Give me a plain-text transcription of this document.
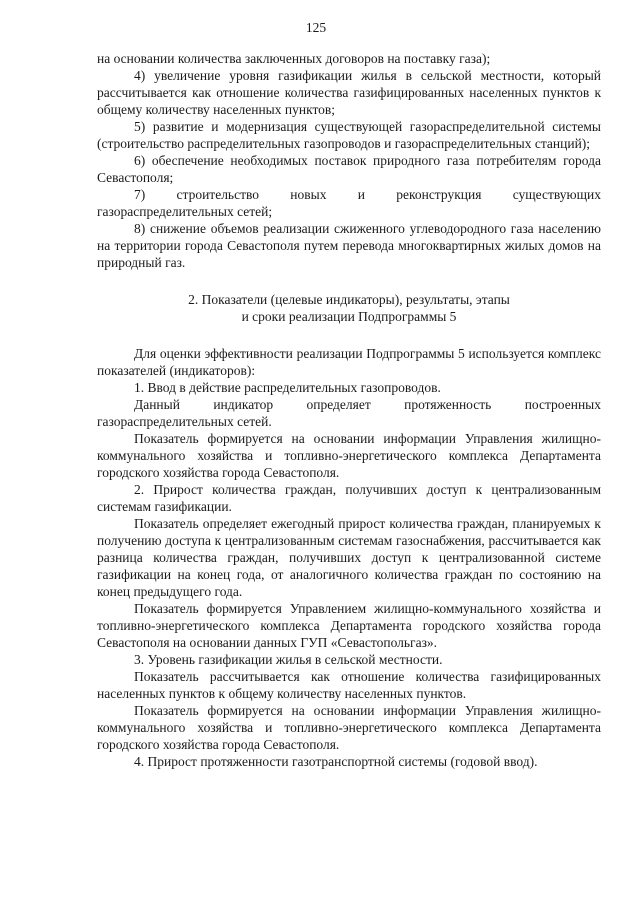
125

на основании количества заключенных договоров на поставку газа);

4) увеличение уровня газификации жилья в сельской местности, который рассчитывается как отношение количества газифицированных населенных пунктов к общему количеству населенных пунктов;

5) развитие и модернизация существующей газораспределительной системы (строительство распределительных газопроводов и газораспределительных станций);

6) обеспечение необходимых поставок природного газа потребителям города Севастополя;

7) строительство новых и реконструкция существующих газораспределительных сетей;

8) снижение объемов реализации сжиженного углеводородного газа населению на территории города Севастополя путем перевода многоквартирных жилых домов на природный газ.

2. Показатели (целевые индикаторы), результаты, этапы
и сроки реализации Подпрограммы 5

Для оценки эффективности реализации Подпрограммы 5 используется комплекс показателей (индикаторов):

1. Ввод в действие распределительных газопроводов.

Данный индикатор определяет протяженность построенных газораспределительных сетей.

Показатель формируется на основании информации Управления жилищно-коммунального хозяйства и топливно-энергетического комплекса Департамента городского хозяйства города Севастополя.

2. Прирост количества граждан, получивших доступ к централизованным системам газификации.

Показатель определяет ежегодный прирост количества граждан, планируемых к получению доступа к централизованным системам газоснабжения, рассчитывается как разница количества граждан, получивших доступ к централизованной системе газификации на конец года, от аналогичного количества граждан по состоянию на конец предыдущего года.

Показатель формируется Управлением жилищно-коммунального хозяйства и топливно-энергетического комплекса Департамента городского хозяйства города Севастополя на основании данных ГУП «Севастопольгаз».

3. Уровень газификации жилья в сельской местности.

Показатель рассчитывается как отношение количества газифицированных населенных пунктов к общему количеству населенных пунктов.

Показатель формируется на основании информации Управления жилищно-коммунального хозяйства и топливно-энергетического комплекса Департамента городского хозяйства города Севастополя.

4. Прирост протяженности газотранспортной системы (годовой ввод).
